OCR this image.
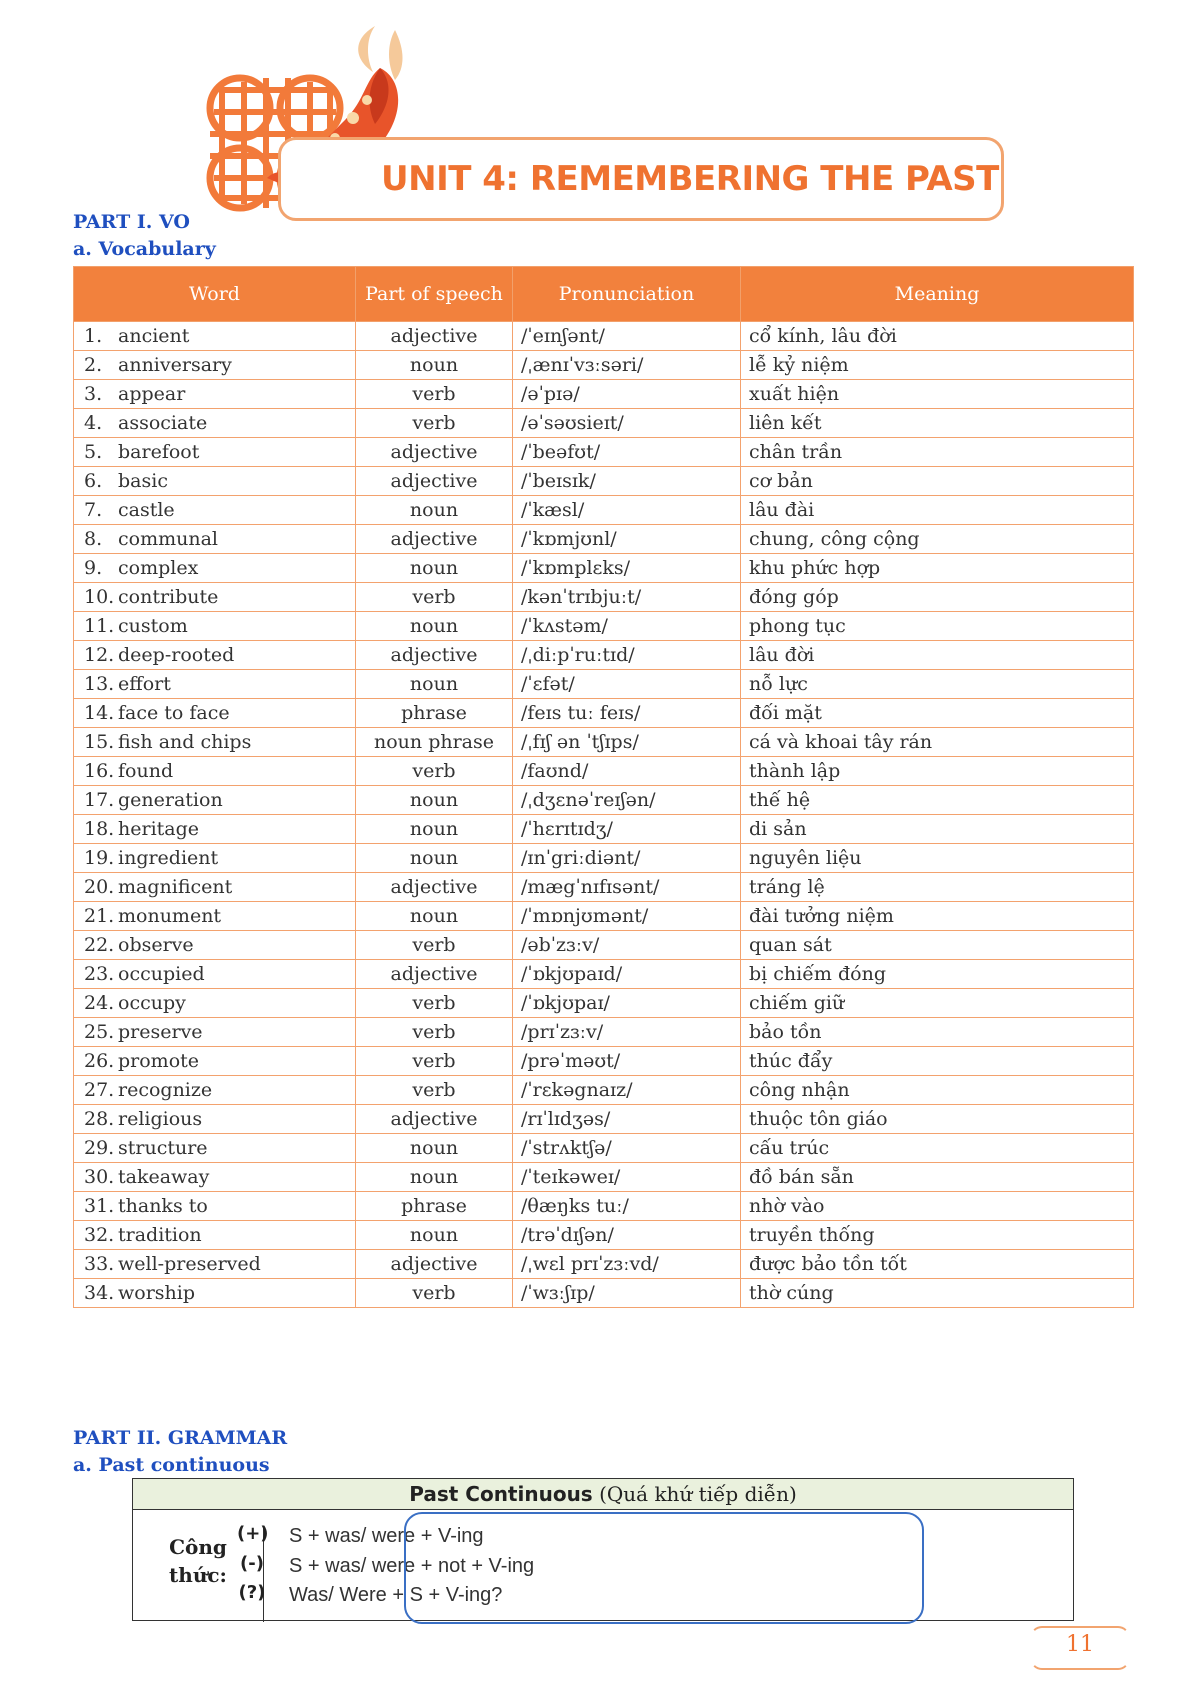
UNIT 4: REMEMBERING THE PAST
PART I. VO
a. Vocabulary
Word	Part of speech	Pronunciation	Meaning
1. ancient	adjective	/ˈeɪnʃənt/	cổ kính, lâu đời
2. anniversary	noun	/ˌænɪˈvɜːsəri/	lễ kỷ niệm
3. appear	verb	/əˈpɪə/	xuất hiện
4. associate	verb	/əˈsəʊsieɪt/	liên kết
5. barefoot	adjective	/ˈbeəfʊt/	chân trần
6. basic	adjective	/ˈbeɪsɪk/	cơ bản
7. castle	noun	/ˈkæsl/	lâu đài
8. communal	adjective	/ˈkɒmjʊnl/	chung, công cộng
9. complex	noun	/ˈkɒmplɛks/	khu phức hợp
10. contribute	verb	/kənˈtrɪbjuːt/	đóng góp
11. custom	noun	/ˈkʌstəm/	phong tục
12. deep-rooted	adjective	/ˌdiːpˈruːtɪd/	lâu đời
13. effort	noun	/ˈɛfət/	nỗ lực
14. face to face	phrase	/feɪs tuː feɪs/	đối mặt
15. fish and chips	noun phrase	/ˌfɪʃ ən ˈtʃɪps/	cá và khoai tây rán
16. found	verb	/faʊnd/	thành lập
17. generation	noun	/ˌdʒɛnəˈreɪʃən/	thế hệ
18. heritage	noun	/ˈhɛrɪtɪdʒ/	di sản
19. ingredient	noun	/ɪnˈgriːdiənt/	nguyên liệu
20. magnificent	adjective	/mægˈnɪfɪsənt/	tráng lệ
21. monument	noun	/ˈmɒnjʊmənt/	đài tưởng niệm
22. observe	verb	/əbˈzɜːv/	quan sát
23. occupied	adjective	/ˈɒkjʊpaɪd/	bị chiếm đóng
24. occupy	verb	/ˈɒkjʊpaɪ/	chiếm giữ
25. preserve	verb	/prɪˈzɜːv/	bảo tồn
26. promote	verb	/prəˈməʊt/	thúc đẩy
27. recognize	verb	/ˈrɛkəgnaɪz/	công nhận
28. religious	adjective	/rɪˈlɪdʒəs/	thuộc tôn giáo
29. structure	noun	/ˈstrʌktʃə/	cấu trúc
30. takeaway	noun	/ˈteɪkəweɪ/	đồ bán sẵn
31. thanks to	phrase	/θæŋks tuː/	nhờ vào
32. tradition	noun	/trəˈdɪʃən/	truyền thống
33. well-preserved	adjective	/ˌwɛl prɪˈzɜːvd/	được bảo tồn tốt
34. worship	verb	/ˈwɜːʃɪp/	thờ cúng
PART II. GRAMMAR
a. Past continuous
Past Continuous (Quá khứ tiếp diễn)
Công
thức:
(+) S + was/ were + V-ing
(-) S + was/ were + not + V-ing
(?) Was/ Were + S + V-ing?
11
